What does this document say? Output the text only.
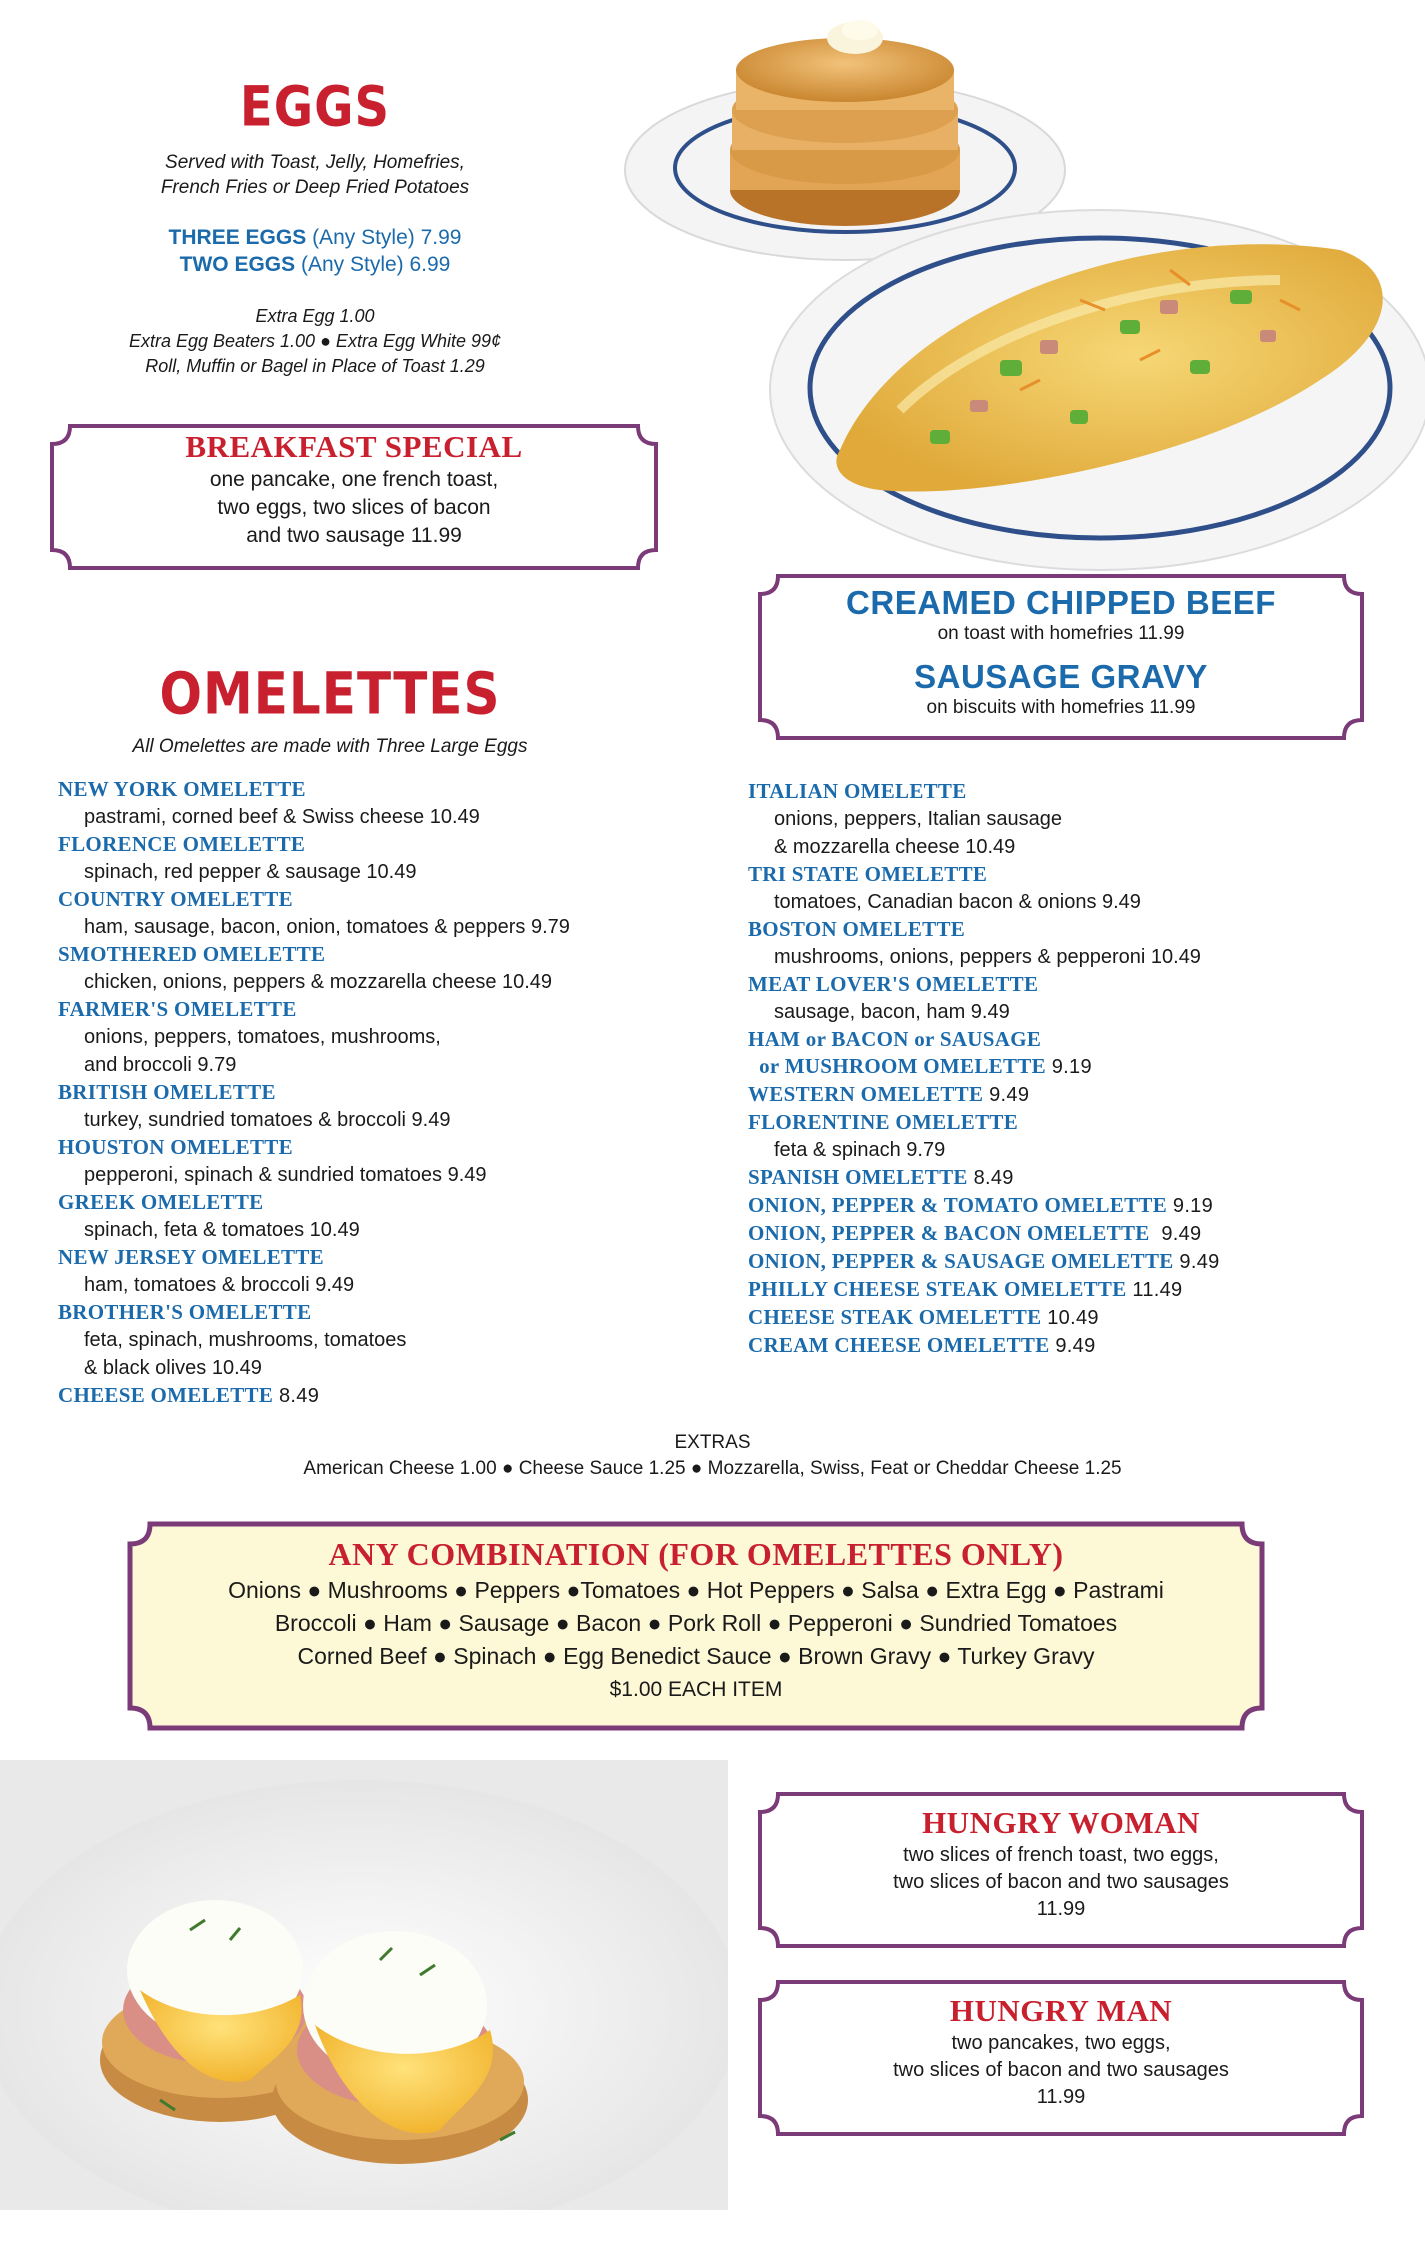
EGGS
Served with Toast, Jelly, Homefries,
French Fries or Deep Fried Potatoes
THREE EGGS (Any Style) 7.99
TWO EGGS (Any Style) 6.99
Extra Egg 1.00
Extra Egg Beaters 1.00 ● Extra Egg White 99¢
Roll, Muffin or Bagel in Place of Toast 1.29
BREAKFAST SPECIAL
one pancake, one french toast,
two eggs, two slices of bacon
and two sausage 11.99
CREAMED CHIPPED BEEF
on toast with homefries 11.99
SAUSAGE GRAVY
on biscuits with homefries 11.99
OMELETTES
All Omelettes are made with Three Large Eggs
NEW YORK OMELETTE
pastrami, corned beef & Swiss cheese 10.49
FLORENCE OMELETTE
spinach, red pepper & sausage 10.49
COUNTRY OMELETTE
ham, sausage, bacon, onion, tomatoes & peppers 9.79
SMOTHERED OMELETTE
chicken, onions, peppers & mozzarella cheese 10.49
FARMER'S OMELETTE
onions, peppers, tomatoes, mushrooms,
and broccoli 9.79
BRITISH OMELETTE
turkey, sundried tomatoes & broccoli 9.49
HOUSTON OMELETTE
pepperoni, spinach & sundried tomatoes 9.49
GREEK OMELETTE
spinach, feta & tomatoes 10.49
NEW JERSEY OMELETTE
ham, tomatoes & broccoli 9.49
BROTHER'S OMELETTE
feta, spinach, mushrooms, tomatoes
& black olives 10.49
CHEESE OMELETTE 8.49
ITALIAN OMELETTE
onions, peppers, Italian sausage
& mozzarella cheese 10.49
TRI STATE OMELETTE
tomatoes, Canadian bacon & onions 9.49
BOSTON OMELETTE
mushrooms, onions, peppers & pepperoni 10.49
MEAT LOVER'S OMELETTE
sausage, bacon, ham 9.49
HAM or BACON or SAUSAGE
or MUSHROOM OMELETTE 9.19
WESTERN OMELETTE 9.49
FLORENTINE OMELETTE
feta & spinach 9.79
SPANISH OMELETTE 8.49
ONION, PEPPER & TOMATO OMELETTE 9.19
ONION, PEPPER & BACON OMELETTE  9.49
ONION, PEPPER & SAUSAGE OMELETTE 9.49
PHILLY CHEESE STEAK OMELETTE 11.49
CHEESE STEAK OMELETTE 10.49
CREAM CHEESE OMELETTE 9.49
EXTRAS
American Cheese 1.00 ● Cheese Sauce 1.25 ● Mozzarella, Swiss, Feat or Cheddar Cheese 1.25
ANY COMBINATION (FOR OMELETTES ONLY)
Onions ● Mushrooms ● Peppers ●Tomatoes ● Hot Peppers ● Salsa ● Extra Egg ● Pastrami
Broccoli ● Ham ● Sausage ● Bacon ● Pork Roll ● Pepperoni ● Sundried Tomatoes
Corned Beef ● Spinach ● Egg Benedict Sauce ● Brown Gravy ● Turkey Gravy
$1.00 EACH ITEM
HUNGRY WOMAN
two slices of french toast, two eggs,
two slices of bacon and two sausages
11.99
HUNGRY MAN
two pancakes, two eggs,
two slices of bacon and two sausages
11.99
